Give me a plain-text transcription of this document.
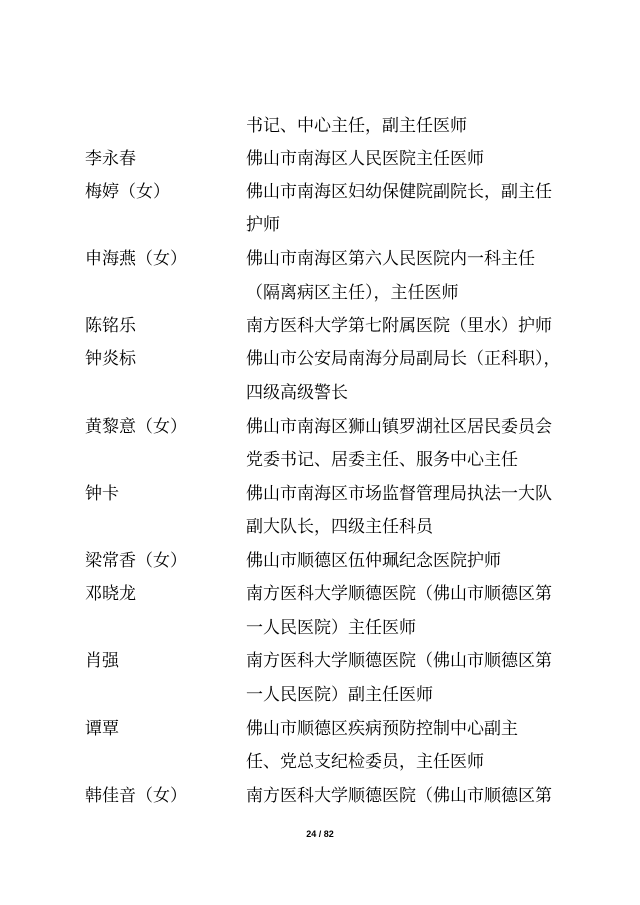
书记、中心主任，副主任医师
李永春	佛山市南海区人民医院主任医师
梅婷（女）	佛山市南海区妇幼保健院副院长，副主任
护师
申海燕（女）	佛山市南海区第六人民医院内一科主任
（隔离病区主任），主任医师
陈铭乐	南方医科大学第七附属医院（里水）护师
钟炎标	佛山市公安局南海分局副局长（正科职），
四级高级警长
黄黎意（女）	佛山市南海区狮山镇罗湖社区居民委员会
党委书记、居委主任、服务中心主任
钟卡	佛山市南海区市场监督管理局执法一大队
副大队长，四级主任科员
梁常香（女）	佛山市顺德区伍仲珮纪念医院护师
邓晓龙	南方医科大学顺德医院（佛山市顺德区第
一人民医院）主任医师
肖强	南方医科大学顺德医院（佛山市顺德区第
一人民医院）副主任医师
谭覃	佛山市顺德区疾病预防控制中心副主
任、党总支纪检委员，主任医师
韩佳音（女）	南方医科大学顺德医院（佛山市顺德区第
24 / 82
